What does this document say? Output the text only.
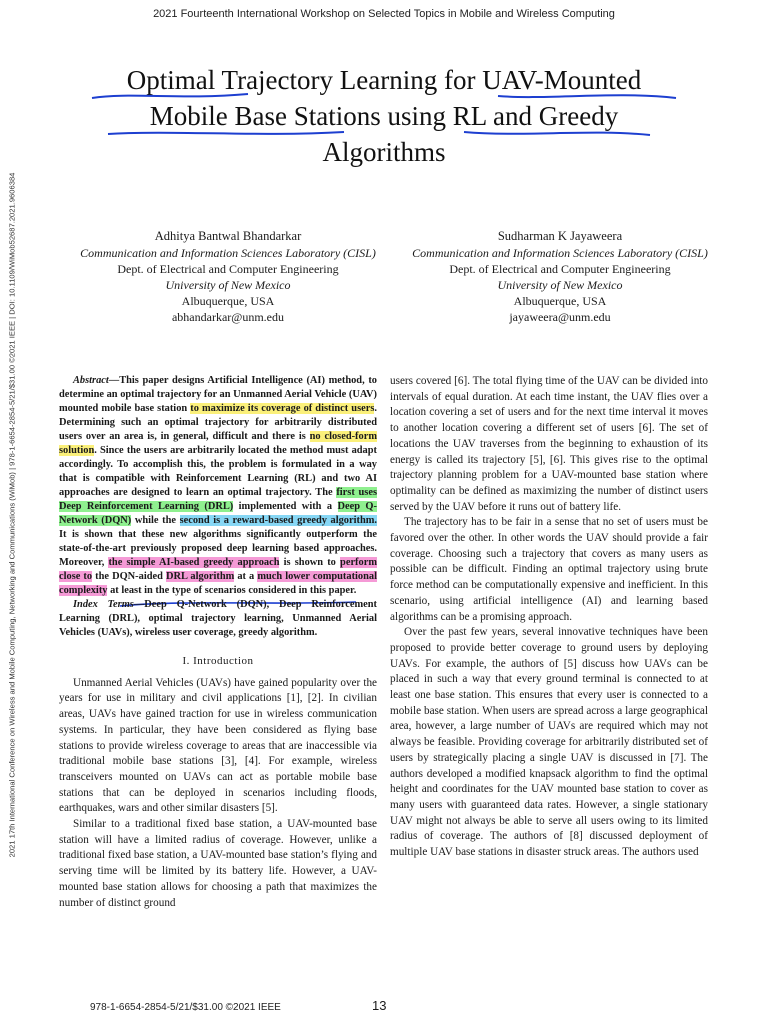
2021 Fourteenth International Workshop on Selected Topics in Mobile and Wireless Computing
2021 17th International Conference on Wireless and Mobile Computing, Networking and Communications (WiMob) | 978-1-6654-2854-5/21/$31.00 ©2021 IEEE | DOI: 10.1109/WiMob52687.2021.9606384
Optimal Trajectory Learning for UAV-Mounted
Mobile Base Stations using RL and Greedy
Algorithms
Adhitya Bantwal Bhandarkar
Communication and Information Sciences Laboratory (CISL)
Dept. of Electrical and Computer Engineering
University of New Mexico
Albuquerque, USA
abhandarkar@unm.edu
Sudharman K Jayaweera
Communication and Information Sciences Laboratory (CISL)
Dept. of Electrical and Computer Engineering
University of New Mexico
Albuquerque, USA
jayaweera@unm.edu

Abstract—This paper designs Artificial Intelligence (AI) method, to determine an optimal trajectory for an Unmanned Aerial Vehicle (UAV) mounted mobile base station to maximize its coverage of distinct users. Determining such an optimal trajectory for arbitrarily distributed users over an area is, in general, difficult and there is no closed-form solution. Since the users are arbitrarily located the method must adapt accordingly. To accomplish this, the problem is formulated in a way that is compatible with Reinforcement Learning (RL) and two AI approaches are designed to learn an optimal trajectory. The first uses Deep Reinforcement Learning (DRL) implemented with a Deep Q-Network (DQN) while the second is a reward-based greedy algorithm. It is shown that these new algorithms significantly outperform the state-of-the-art previously proposed deep learning based approaches. Moreover, the simple AI-based greedy approach is shown to perform close to the DQN-aided DRL algorithm at a much lower computational complexity at least in the type of scenarios considered in this paper.

Index Terms—Deep Q-Network (DQN), Deep Reinforcement Learning (DRL), optimal trajectory learning, Unmanned Aerial Vehicles (UAVs), wireless user coverage, greedy algorithm.

I. Introduction

Unmanned Aerial Vehicles (UAVs) have gained popularity over the years for use in military and civil applications [1], [2]. In civilian areas, UAVs have gained traction for use in wireless communication systems. In particular, they have been considered as flying base stations to provide wireless coverage to areas that are inaccessible via traditional mobile base stations [3], [4]. For example, wireless transceivers mounted on UAVs can act as portable mobile base stations that can be deployed in scenarios including floods, earthquakes, wars and other similar disasters [5].

Similar to a traditional fixed base station, a UAV-mounted base station will have a limited radius of coverage. However, unlike a traditional fixed base station, a UAV-mounted base station’s flying and serving time will be limited by its battery life. However, a UAV-mounted base station allows for choosing a path that maximizes the number of distinct ground

users covered [6]. The total flying time of the UAV can be divided into intervals of equal duration. At each time instant, the UAV flies over a location covering a set of users and for the next time interval it moves to another location covering a different set of users [6]. The set of locations the UAV traverses from the beginning to exhaustion of its energy is called its trajectory [5], [6]. This gives rise to the optimal trajectory planning problem for a UAV-mounted base station where optimality can be defined as maximizing the number of distinct users served by the UAV before it runs out of battery life.

The trajectory has to be fair in a sense that no set of users must be favored over the other. In other words the UAV should provide a fair coverage. Choosing such a trajectory that covers as many users as possible can be difficult. Finding an optimal trajectory using brute force method can be computationally expensive and inefficient. In this scenario, using artificial intelligence (AI) and learning based algorithms can be a promising approach.

Over the past few years, several innovative techniques have been proposed to provide better coverage to ground users by deploying UAVs. For example, the authors of [5] discuss how UAVs can be placed in such a way that every ground terminal is connected to at least one base station. This ensures that every user is connected to a mobile base station. When users are spread across a large geographical area, however, a large number of UAVs are required which may not always be feasible. Providing coverage for arbitrarily distributed set of users by strategically placing a single UAV is discussed in [7]. The authors developed a modified knapsack algorithm to find the optimal height and coordinates for the UAV mounted base station to cover as many users with guaranteed data rates. However, a single stationary UAV might not always be able to serve all users owing to its limited radius of coverage. The authors of [8] discussed deployment of multiple UAV base stations in disaster struck areas. The authors used

978-1-6654-2854-5/21/$31.00 ©2021 IEEE	13
